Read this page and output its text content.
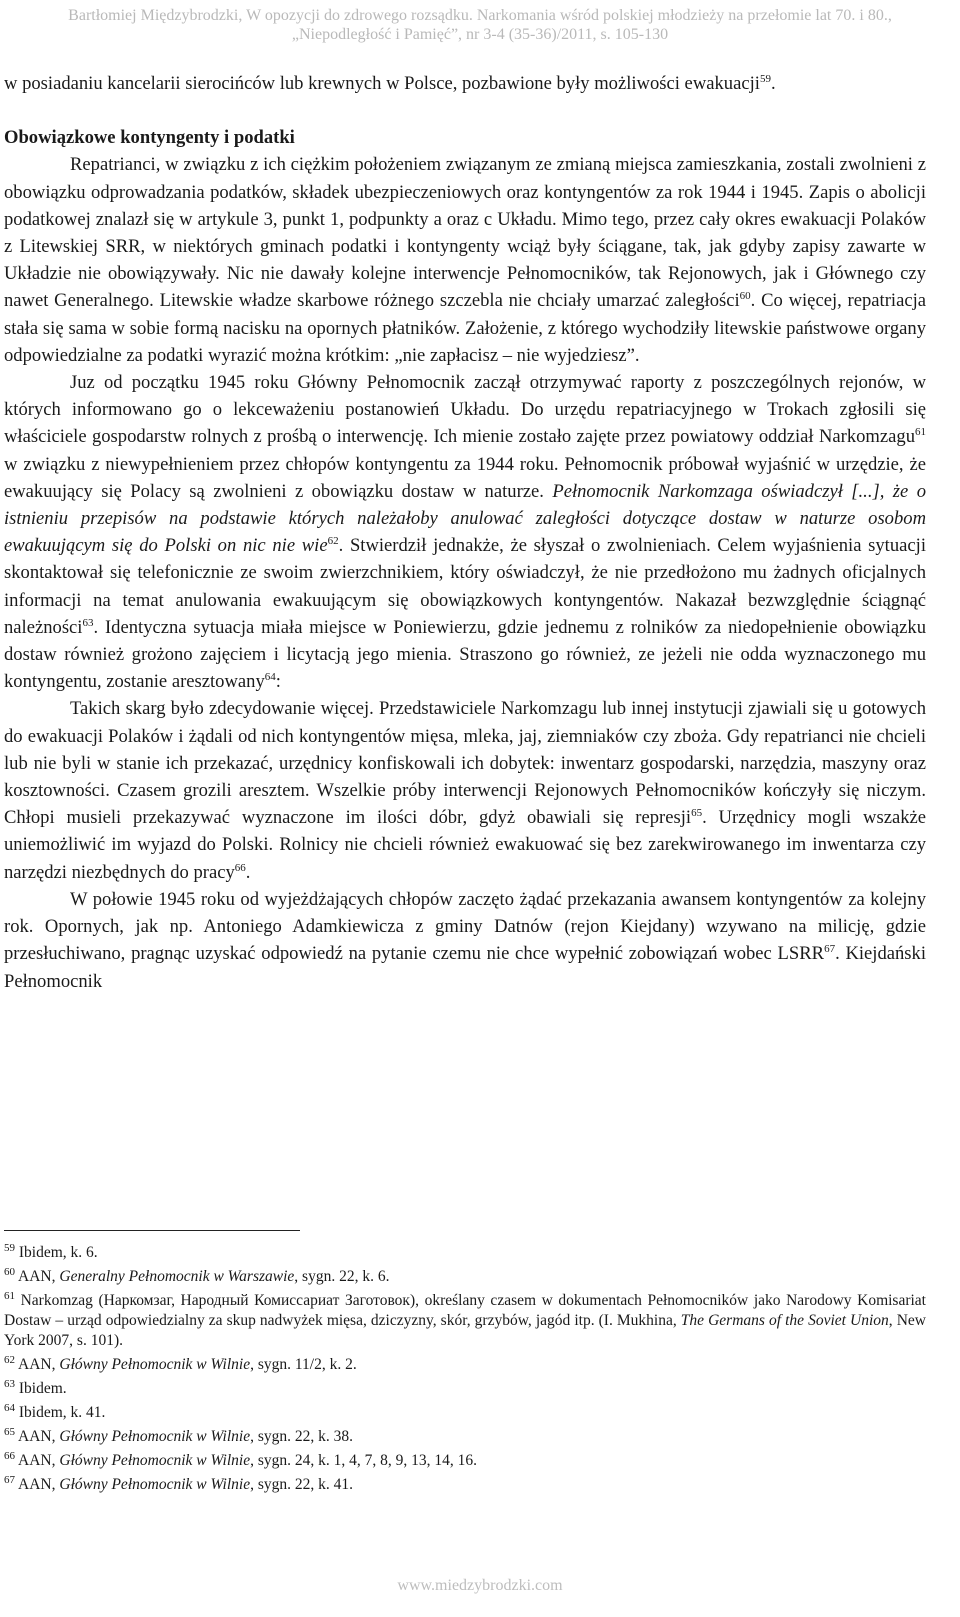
Bartłomiej Międzybrodzki, W opozycji do zdrowego rozsądku. Narkomania wśród polskiej młodzieży na przełomie lat 70. i 80.,
„Niepodległość i Pamięć”, nr 3-4 (35-36)/2011, s. 105-130

w posiadaniu kancelarii sierocińców lub krewnych w Polsce, pozbawione były możliwości ewakuacji$^{59}$.

Obowiązkowe kontyngenty i podatki

Repatrianci, w związku z ich ciężkim położeniem związanym ze zmianą miejsca zamieszkania, zostali zwolnieni z obowiązku odprowadzania podatków, składek ubezpieczeniowych oraz kontyngentów za rok 1944 i 1945. Zapis o abolicji podatkowej znalazł się w artykule 3, punkt 1, podpunkty a oraz c Układu. Mimo tego, przez cały okres ewakuacji Polaków z Litewskiej SRR, w niektórych gminach podatki i kontyngenty wciąż były ściągane, tak, jak gdyby zapisy zawarte w Układzie nie obowiązywały. Nic nie dawały kolejne interwencje Pełnomocników, tak Rejonowych, jak i Głównego czy nawet Generalnego. Litewskie władze skarbowe różnego szczebla nie chciały umarzać zaległości$^{60}$. Co więcej, repatriacja stała się sama w sobie formą nacisku na opornych płatników. Założenie, z którego wychodziły litewskie państwowe organy odpowiedzialne za podatki wyrazić można krótkim: „nie zapłacisz – nie wyjedziesz”.

Juz od początku 1945 roku Główny Pełnomocnik zaczął otrzymywać raporty z poszczególnych rejonów, w których informowano go o lekceważeniu postanowień Układu. Do urzędu repatriacyjnego w Trokach zgłosili się właściciele gospodarstw rolnych z prośbą o interwencję. Ich mienie zostało zajęte przez powiatowy oddział Narkomzagu$^{61}$ w związku z niewypełnieniem przez chłopów kontyngentu za 1944 roku. Pełnomocnik próbował wyjaśnić w urzędzie, że ewakuujący się Polacy są zwolnieni z obowiązku dostaw w naturze. Pełnomocnik Narkomzaga oświadczył [...], że o istnieniu przepisów na podstawie których należałoby anulować zaległości dotyczące dostaw w naturze osobom ewakuującym się do Polski on nic nie wie$^{62}$. Stwierdził jednakże, że słyszał o zwolnieniach. Celem wyjaśnienia sytuacji skontaktował się telefonicznie ze swoim zwierzchnikiem, który oświadczył, że nie przedłożono mu żadnych oficjalnych informacji na temat anulowania ewakuującym się obowiązkowych kontyngentów. Nakazał bezwzględnie ściągnąć należności$^{63}$. Identyczna sytuacja miała miejsce w Poniewierzu, gdzie jednemu z rolników za niedopełnienie obowiązku dostaw również grożono zajęciem i licytacją jego mienia. Straszono go również, ze jeżeli nie odda wyznaczonego mu kontyngentu, zostanie aresztowany$^{64}$:

Takich skarg było zdecydowanie więcej. Przedstawiciele Narkomzagu lub innej instytucji zjawiali się u gotowych do ewakuacji Polaków i żądali od nich kontyngentów mięsa, mleka, jaj, ziemniaków czy zboża. Gdy repatrianci nie chcieli lub nie byli w stanie ich przekazać, urzędnicy konfiskowali ich dobytek: inwentarz gospodarski, narzędzia, maszyny oraz kosztowności. Czasem grozili aresztem. Wszelkie próby interwencji Rejonowych Pełnomocników kończyły się niczym. Chłopi musieli przekazywać wyznaczone im ilości dóbr, gdyż obawiali się represji$^{65}$. Urzędnicy mogli wszakże uniemożliwić im wyjazd do Polski. Rolnicy nie chcieli również ewakuować się bez zarekwirowanego im inwentarza czy narzędzi niezbędnych do pracy$^{66}$.

W połowie 1945 roku od wyjeżdżających chłopów zaczęto żądać przekazania awansem kontyngentów za kolejny rok. Opornych, jak np. Antoniego Adamkiewicza z gminy Datnów (rejon Kiejdany) wzywano na milicję, gdzie przesłuchiwano, pragnąc uzyskać odpowiedź na pytanie czemu nie chce wypełnić zobowiązań wobec LSRR$^{67}$. Kiejdański Pełnomocnik

$^{59}$ Ibidem, k. 6.
$^{60}$ AAN, Generalny Pełnomocnik w Warszawie, sygn. 22, k. 6.
$^{61}$ Narkomzag (Наркомзаг, Народный Комиссариат Заготовок), określany czasem w dokumentach Pełnomocników jako Narodowy Komisariat Dostaw – urząd odpowiedzialny za skup nadwyżek mięsa, dziczyzny, skór, grzybów, jagód itp. (I. Mukhina, The Germans of the Soviet Union, New York 2007, s. 101).
$^{62}$ AAN, Główny Pełnomocnik w Wilnie, sygn. 11/2, k. 2.
$^{63}$ Ibidem.
$^{64}$ Ibidem, k. 41.
$^{65}$ AAN, Główny Pełnomocnik w Wilnie, sygn. 22, k. 38.
$^{66}$ AAN, Główny Pełnomocnik w Wilnie, sygn. 24, k. 1, 4, 7, 8, 9, 13, 14, 16.
$^{67}$ AAN, Główny Pełnomocnik w Wilnie, sygn. 22, k. 41.
www.miedzybrodzki.com
